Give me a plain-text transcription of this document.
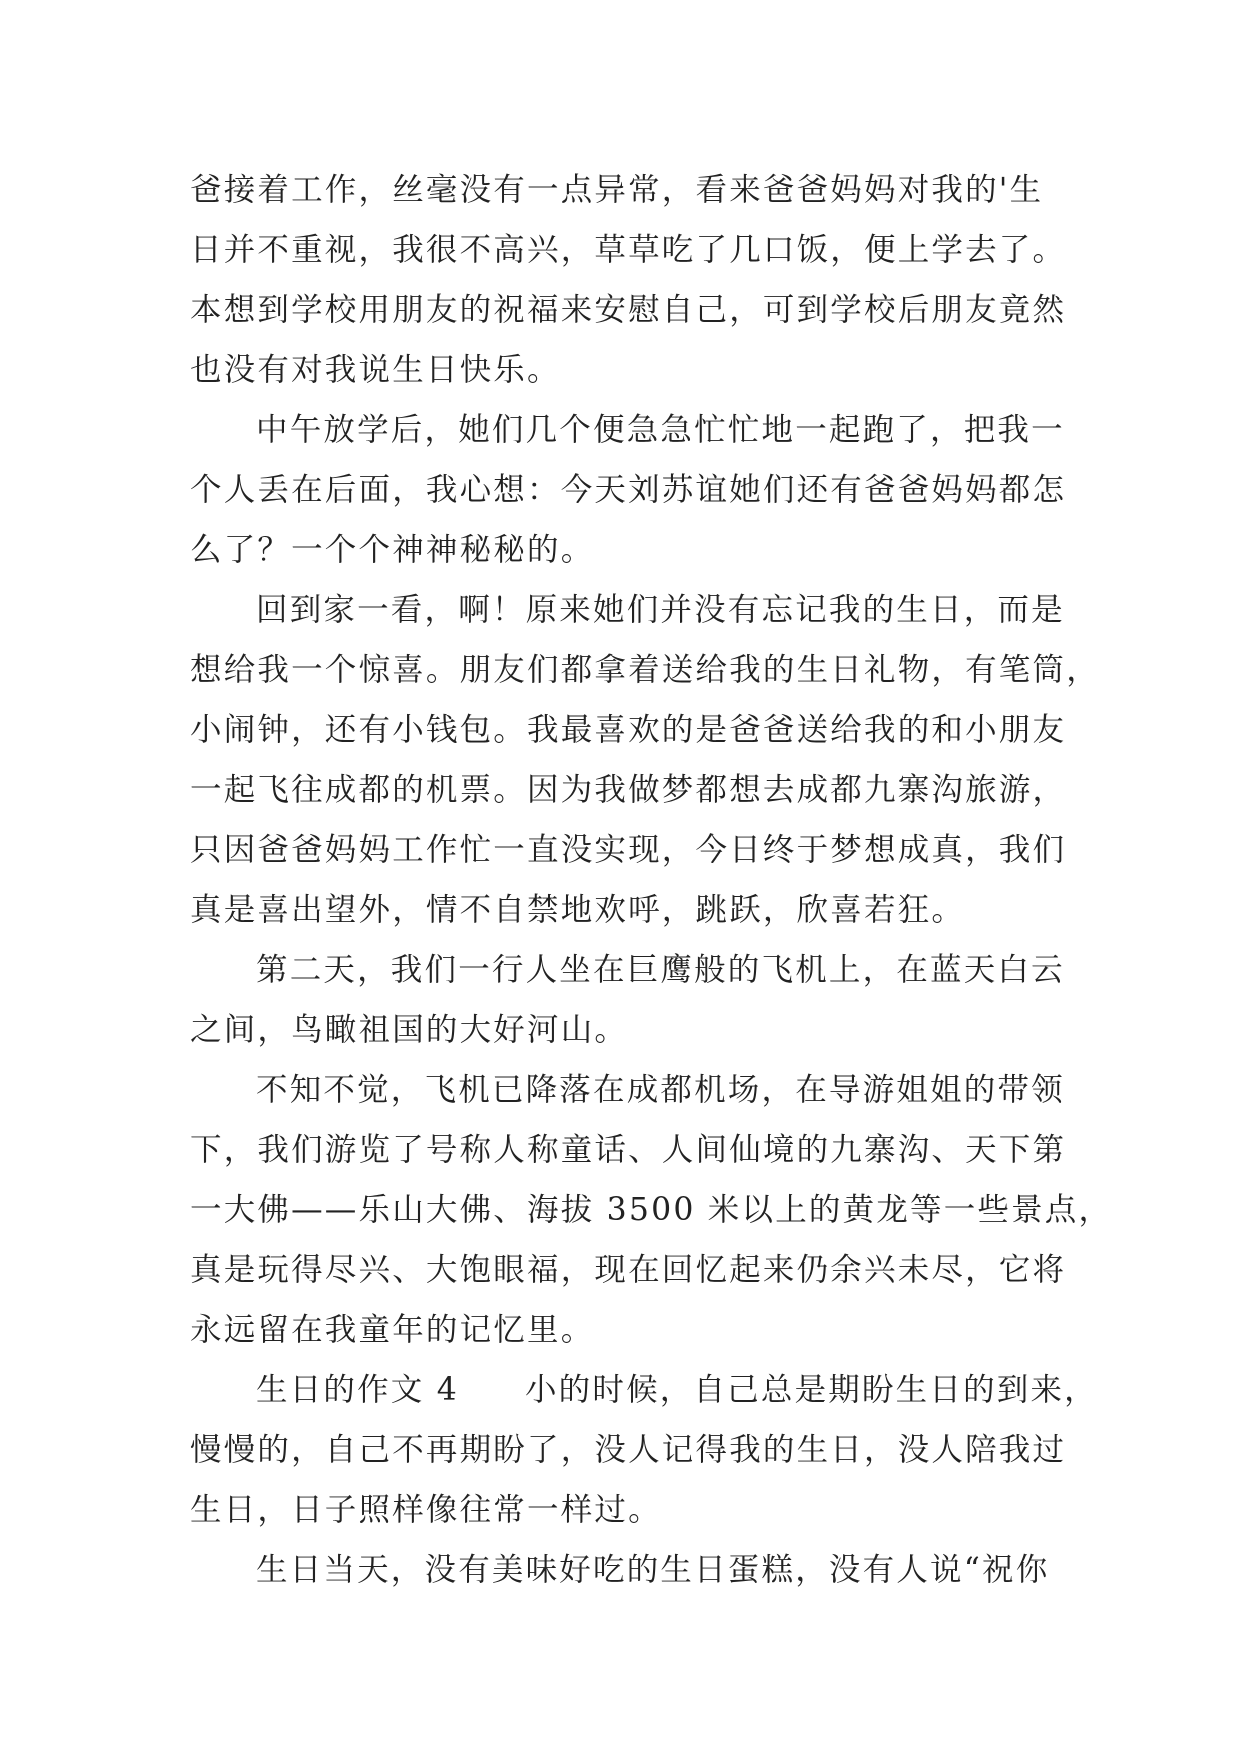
爸接着工作，丝毫没有一点异常，看来爸爸妈妈对我的'生
日并不重视，我很不高兴，草草吃了几口饭，便上学去了。
本想到学校用朋友的祝福来安慰自己，可到学校后朋友竟然
也没有对我说生日快乐。
中午放学后，她们几个便急急忙忙地一起跑了，把我一
个人丢在后面，我心想：今天刘苏谊她们还有爸爸妈妈都怎
么了？一个个神神秘秘的。
回到家一看，啊！原来她们并没有忘记我的生日，而是
想给我一个惊喜。朋友们都拿着送给我的生日礼物，有笔筒，
小闹钟，还有小钱包。我最喜欢的是爸爸送给我的和小朋友
一起飞往成都的机票。因为我做梦都想去成都九寨沟旅游，
只因爸爸妈妈工作忙一直没实现，今日终于梦想成真，我们
真是喜出望外，情不自禁地欢呼，跳跃，欣喜若狂。
第二天，我们一行人坐在巨鹰般的飞机上，在蓝天白云
之间，鸟瞰祖国的大好河山。
不知不觉，飞机已降落在成都机场，在导游姐姐的带领
下，我们游览了号称人称童话、人间仙境的九寨沟、天下第
一大佛——乐山大佛、海拔 3500 米以上的黄龙等一些景点，
真是玩得尽兴、大饱眼福，现在回忆起来仍余兴未尽，它将
永远留在我童年的记忆里。
生日的作文 4 小的时候，自己总是期盼生日的到来，
慢慢的，自己不再期盼了，没人记得我的生日，没人陪我过
生日，日子照样像往常一样过。
生日当天，没有美味好吃的生日蛋糕，没有人说“祝你
